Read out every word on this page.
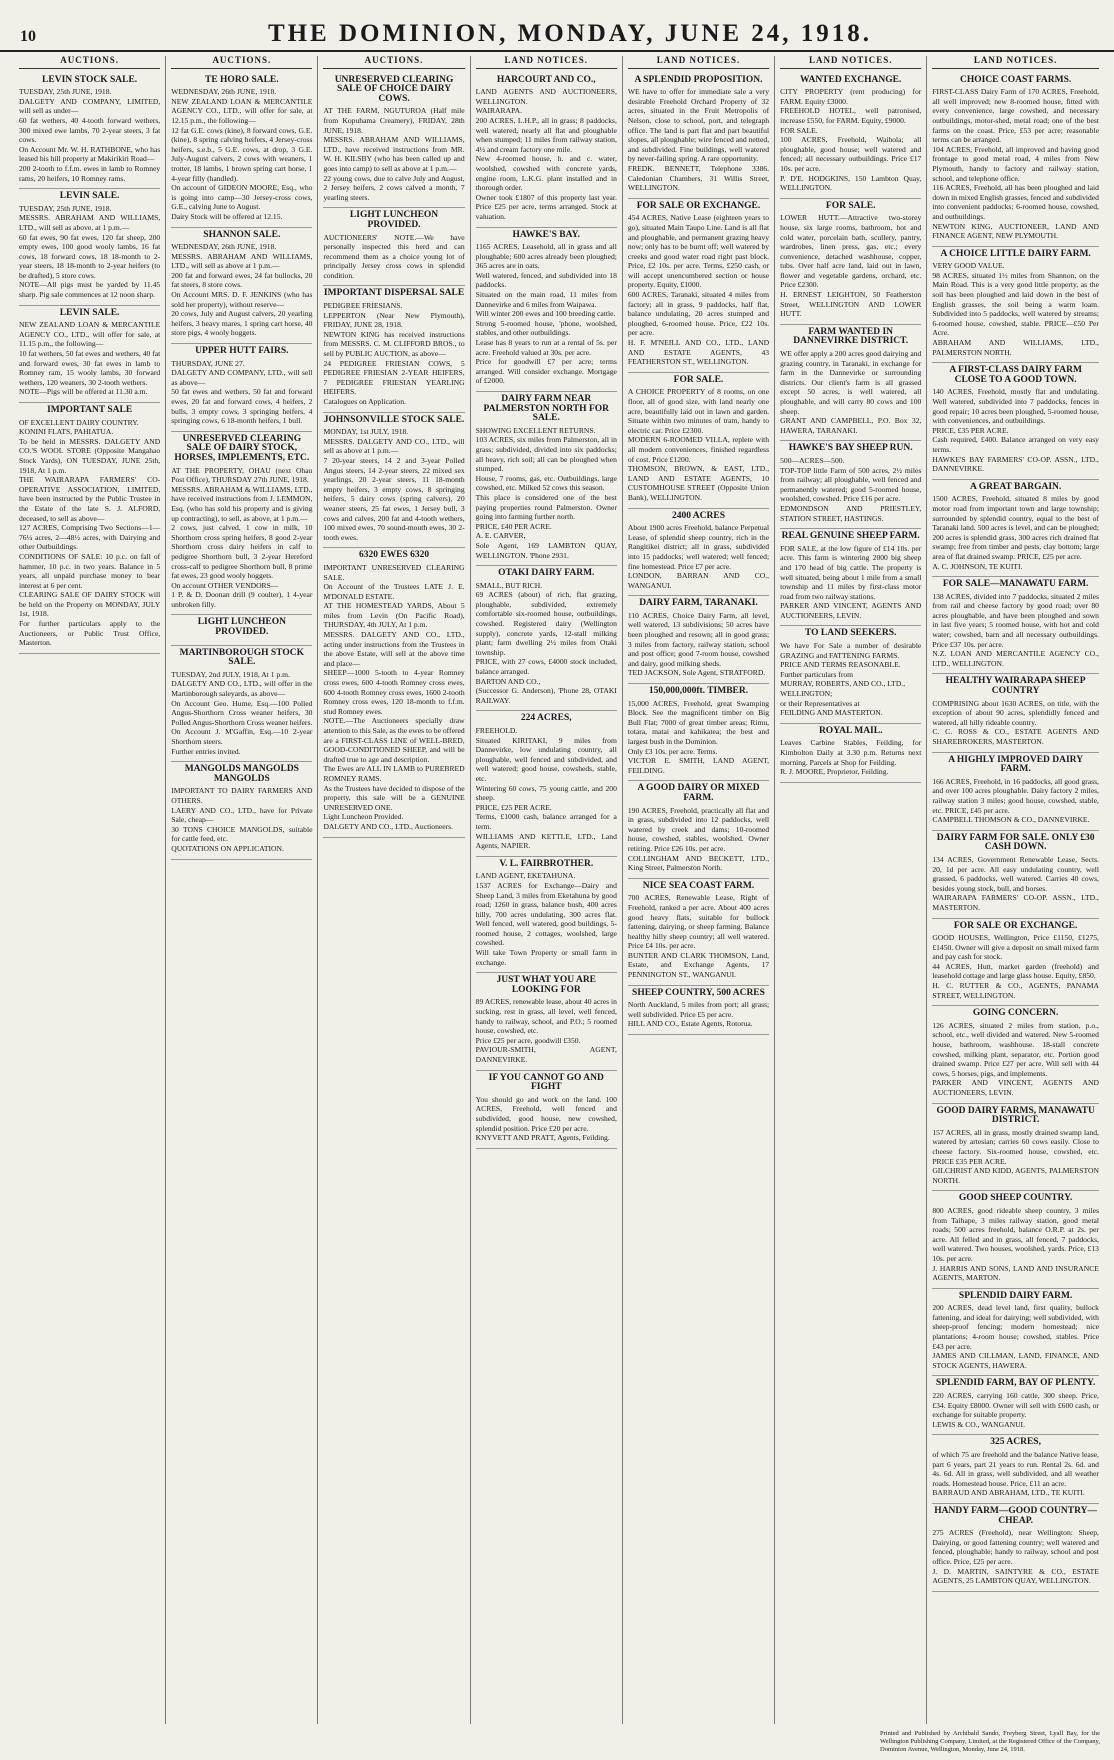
10	THE DOMINION, MONDAY, JUNE 24, 1918.
AUCTIONS.
LEVIN STOCK SALE.

TUESDAY, 25th JUNE, 1918.
DALGETY AND COMPANY, LIMITED, will sell as under—
60 fat wethers, 40 4-tooth forward wethers, 300 mixed ewe lambs, 70 2-year steers, 3 fat cows.
On Account Mr. W. H. RATHBONE, who has leased his hill property at Makirikiri Road—
200 2-tooth to f.f.m. ewes in lamb to Romney rams, 20 heifers, 10 Romney rams.

LEVIN SALE.

TUESDAY, 25th JUNE, 1918.
MESSRS. ABRAHAM AND WILLIAMS, LTD., will sell as above, at 1 p.m.—
60 fat ewes, 90 fat ewes, 120 fat sheep, 200 empty ewes, 100 good wooly lambs, 16 fat cows, 18 forward cows, 18 18-month to 2-year steers, 18 18-month to 2-year heifers (to be drafted), 5 store cows.
NOTE—All pigs must be yarded by 11.45 sharp. Pig sale commences at 12 noon sharp.

LEVIN SALE.

NEW ZEALAND LOAN & MERCANTILE AGENCY CO., LTD., will offer for sale, at 11.15 p.m., the following—
10 fat wethers, 50 fat ewes and wethers, 40 fat and forward ewes, 30 fat ewes in lamb to Romney ram, 15 wooly lambs, 30 forward wethers, 120 weaners, 30 2-tooth wethers.
NOTE—Pigs will be offered at 11.30 a.m.

IMPORTANT SALE

OF EXCELLENT DAIRY COUNTRY.
KONINI FLATS, PAHIATUA.
To be held in MESSRS. DALGETY AND CO.'S WOOL STORE (Opposite Mangahao Stock Yards), ON TUESDAY, JUNE 25th, 1918, At 1 p.m.
THE WAIRARAPA FARMERS' CO-OPERATIVE ASSOCIATION, LIMITED, have been instructed by the Public Trustee in the Estate of the late S. J. ALFORD, deceased, to sell as above—
127 ACRES, Comprising Two Sections—1—76¼ acres, 2—48½ acres, with Dairying and other Outbuildings.
CONDITIONS OF SALE: 10 p.c. on fall of hammer, 10 p.c. in two years. Balance in 5 years, all unpaid purchase money to bear interest at 6 per cent.
CLEARING SALE OF DAIRY STOCK will be held on the Property on MONDAY, JULY 1st, 1918.
For further particulars apply to the Auctioneers, or Public Trust Office, Masterton.

AUCTIONS.
TE HORO SALE.

WEDNESDAY, 26th JUNE, 1918.
NEW ZEALAND LOAN & MERCANTILE AGENCY CO., LTD., will offer for sale, at 12.15 p.m., the following—
12 fat G.E. cows (kine), 8 forward cows, G.E. (kine), 8 spring calving heifers, 4 Jersey-cross heifers, s.e.b., 5 G.E. cows, at drop, 3 G.E. July-August calvers, 2 cows with weaners, 1 trotter, 18 lambs, 1 brown spring cart horse, 1 4-year filly (handled).
On account of GIDEON MOORE, Esq., who is going into camp—30 Jersey-cross cows, G.E., calving June to August.
Dairy Stock will be offered at 12.15.

SHANNON SALE.

WEDNESDAY, 26th JUNE, 1918.
MESSRS. ABRAHAM AND WILLIAMS, LTD., will sell as above at 1 p.m.—
200 fat and forward ewes, 24 fat bullocks, 20 fat steers, 8 store cows.
On Account MRS. D. F. JENKINS (who has sold her property), without reserve—
20 cows, July and August calvers, 20 yearling heifers, 3 heavy mares, 1 spring cart horse, 40 store pigs, 4 wooly hoggets.

UPPER HUTT FAIRS.

THURSDAY, JUNE 27.
DALGETY AND COMPANY, LTD., will sell as above—
50 fat ewes and wethers, 50 fat and forward ewes, 20 fat and forward cows, 4 heifers, 2 bulls, 3 empty cows, 3 springing heifers, 4 springing cows, 6 18-month heifers, 1 bull.

UNRESERVED CLEARING SALE OF DAIRY STOCK, HORSES, IMPLEMENTS, ETC.

AT THE PROPERTY, OHAU (next Ohau Post Office), THURSDAY 27th JUNE, 1918.
MESSRS. ABRAHAM & WILLIAMS, LTD., have received instructions from J. LEMMON, Esq. (who has sold his property and is giving up contracting), to sell, as above, at 1 p.m.—
2 cows, just calved, 1 cow in milk, 10 Shorthorn cross spring heifers, 8 good 2-year Shorthorn cross dairy heifers in calf to pedigree Shorthorn bull, 3 2-year Hereford cross-calf to pedigree Shorthorn bull, 8 prime fat ewes, 23 good wooly hoggets.
On account OTHER VENDORS—
1 P. & D. Doonan drill (9 coulter), 1 4-year unbroken filly.

LIGHT LUNCHEON PROVIDED.

MARTINBOROUGH STOCK SALE.

TUESDAY, 2nd JULY, 1918, At 1 p.m.
DALGETY AND CO., LTD., will offer in the Martinborough saleyards, as above—
On Account Geo. Hume, Esq.—100 Polled Angus-Shorthorn Cross weaner heifers, 30 Polled Angus-Shorthorn Cross weaner heifers.
On Account J. M'Gaffin, Esq.—10 2-year Shorthorn steers.
Further entries invited.

MANGOLDS MANGOLDS MANGOLDS

IMPORTANT TO DAIRY FARMERS AND OTHERS.
LAERY AND CO., LTD., have for Private Sale, cheap—
30 TONS CHOICE MANGOLDS, suitable for cattle feed, etc.
QUOTATIONS ON APPLICATION.

AUCTIONS.
UNRESERVED CLEARING SALE OF CHOICE DAIRY COWS.

AT THE FARM, NGUTUROA (Half mile from Kopuhama Creamery), FRIDAY, 28th JUNE, 1918.
MESSRS. ABRAHAM AND WILLIAMS, LTD., have received instructions from MR. W. H. KILSBY (who has been called up and goes into camp) to sell as above at 1 p.m.—
22 young cows, due to calve July and August, 2 Jersey heifers, 2 cows calved a month, 7 yearling steers.

LIGHT LUNCHEON PROVIDED.

AUCTIONEERS' NOTE.—We have personally inspected this herd and can recommend them as a choice young lot of principally Jersey cross cows in splendid condition.

IMPORTANT DISPERSAL SALE

PEDIGREE FRIESIANS.
LEPPERTON (Near New Plymouth), FRIDAY, JUNE 28, 1918.
NEWTON KING has received instructions from MESSRS. C. M. CLIFFORD BROS., to sell by PUBLIC AUCTION, as above—
24 PEDIGREE FRIESIAN COWS, 5 PEDIGREE FRIESIAN 2-YEAR HEIFERS, 7 PEDIGREE FRIESIAN YEARLING HEIFERS.
Catalogues on Application.

JOHNSONVILLE STOCK SALE.

MONDAY, 1st JULY, 1918.
MESSRS. DALGETY AND CO., LTD., will sell as above at 1 p.m.—
7 20-year steers, 14 2 and 3-year Polled Angus steers, 14 2-year steers, 22 mixed sex yearlings, 20 2-year steers, 11 18-month empty heifers, 3 empty cows, 8 springing heifers, 5 dairy cows (spring calvers), 20 weaner steers, 25 fat ewes, 1 Jersey bull, 3 cows and calves, 200 fat and 4-tooth wethers, 100 mixed ewes, 70 sound-mouth ewes, 30 2-tooth ewes.

6320 EWES 6320

IMPORTANT UNRESERVED CLEARING SALE.
On Account of the Trustees LATE J. E. M'DONALD ESTATE.
AT THE HOMESTEAD YARDS, About 5 miles from Levin (On Pacific Road), THURSDAY, 4th JULY, At 1 p.m.
MESSRS. DALGETY AND CO., LTD., acting under instructions from the Trustees in the above Estate, will sell at the above time and place—
SHEEP—1000 5-tooth to 4-year Romney cross ewes, 600 4-tooth Romney cross ewes, 600 4-tooth Romney cross ewes, 1600 2-tooth Romney cross ewes, 120 18-month to f.f.m. stud Romney ewes.
NOTE.—The Auctioneers specially draw attention to this Sale, as the ewes to be offered are a FIRST-CLASS LINE of WELL-BRED, GOOD-CONDITIONED SHEEP, and will be drafted true to age and description.
The Ewes are ALL IN LAMB to PUREBRED ROMNEY RAMS.
As the Trustees have decided to dispose of the property, this sale will be a GENUINE UNRESERVED ONE.
Light Luncheon Provided.
DALGETY AND CO., LTD., Auctioneers.

LAND NOTICES.
HARCOURT AND CO.,

LAND AGENTS AND AUCTIONEERS, WELLINGTON.
WAIRARAPA.
200 ACRES, L.H.P., all in grass; 8 paddocks, well watered, nearly all flat and ploughable when stumped; 11 miles from railway station, 4½ and cream factory one mile.
New 4-roomed house, h. and c. water, woolshed, cowshed with concrete yards, engine room, L.K.G. plant installed and in thorough order.
Owner took £1807 of this property last year. Price £25 per acre, terms arranged. Stock at valuation.

HAWKE'S BAY.

1165 ACRES, Leasehold, all in grass and all ploughable; 600 acres already been ploughed; 365 acres are in oats.
Well watered, fenced, and subdivided into 18 paddocks.
Situated on the main road, 11 miles from Dannevirke and 6 miles from Waipawa.
Will winter 200 ewes and 100 breeding cattle.
Strong 5-roomed house, 'phone, woolshed, stables, and other outbuildings.
Lease has 8 years to run at a rental of 5s. per acre. Freehold valued at 30s. per acre.
Price for goodwill £7 per acre; terms arranged. Will consider exchange. Mortgage of £2000.

DAIRY FARM NEAR PALMERSTON NORTH FOR SALE.

SHOWING EXCELLENT RETURNS.
103 ACRES, six miles from Palmerston, all in grass; subdivided, divided into six paddocks; all heavy, rich soil; all can be ploughed when stumped.
House, 7 rooms, gas, etc. Outbuildings, large cowshed, etc. Milked 52 cows this season.
This place is considered one of the best paying properties round Palmerston. Owner going into farming further north.
PRICE, £40 PER ACRE.
A. E. CARVER,
Sole Agent, 169 LAMBTON QUAY, WELLINGTON. 'Phone 2931.

OTAKI DAIRY FARM.

SMALL, BUT RICH.
69 ACRES (about) of rich, flat grazing, ploughable, subdivided, extremely comfortable six-roomed house, outbuildings, cowshed. Registered dairy (Wellington supply), concrete yards, 12-stall milking plant; farm dwelling 2½ miles from Otaki township.
PRICE, with 27 cows, £4000 stock included, balance arranged.
BARTON AND CO.,
(Successor G. Anderson), 'Phone 28, OTAKI RAILWAY.

224 ACRES,

FREEHOLD.
Situated KIRITAKI, 9 miles from Dannevirke, low undulating country, all ploughable, well fenced and subdivided, and well watered; good house, cowsheds, stable, etc.
Wintering 60 cows, 75 young cattle, and 200 sheep.
PRICE, £25 PER ACRE.
Terms, £1000 cash, balance arranged for a term.
WILLIAMS AND KETTLE, LTD., Land Agents, NAPIER.

V. L. FAIRBROTHER.

LAND AGENT, EKETAHUNA.
1537 ACRES for Exchange—Dairy and Sheep Land, 3 miles from Eketahuna by good road; 1260 in grass, balance bush, 400 acres hilly, 700 acres undulating, 300 acres flat. Well fenced, well watered, good buildings, 5-roomed house, 2 cottages, woolshed, large cowshed.
Will take Town Property or small farm in exchange.

JUST WHAT YOU ARE LOOKING FOR

89 ACRES, renewable lease, about 40 acres in sucking, rest in grass, all level, well fenced, handy to railway, school, and P.O.; 5 roomed house, cowshed, etc.
Price £25 per acre, goodwill £350.
PAVIOUR-SMITH, AGENT, DANNEVIRKE.

IF YOU CANNOT GO AND FIGHT

You should go and work on the land. 100 ACRES, Freehold, well fenced and subdivided, good house, new cowshed, splendid position. Price £20 per acre.
KNYVETT AND PRATT, Agents, Feilding.

LAND NOTICES.
A SPLENDID PROPOSITION.

WE have to offer for immediate sale a very desirable Freehold Orchard Property of 32 acres, situated in the Fruit Metropolis of Nelson, close to school, port, and telegraph office. The land is part flat and part beautiful slopes, all ploughable; wire fenced and netted, and subdivided. Fine buildings, well watered by never-failing spring. A rare opportunity.
FREDK. BENNETT, Telephone 3386. Caledonian Chambers, 31 Willis Street, WELLINGTON.

FOR SALE OR EXCHANGE.

454 ACRES, Native Lease (eighteen years to go), situated Main Taupo Line. Land is all flat and ploughable, and permanent grazing heavy now; only has to be burnt off; well watered by creeks and good water road right past block. Price, £2 10s. per acre. Terms, £250 cash, or will accept unencumbered section or house property. Equity, £1000.
600 ACRES, Taranaki, situated 4 miles from factory; all in grass, 9 paddocks, half flat, balance undulating, 20 acres stumped and ploughed, 6-roomed house. Price, £22 10s. per acre.
H. F. M'NEILL AND CO., LTD., LAND AND ESTATE AGENTS, 43 FEATHERSTON ST., WELLINGTON.

FOR SALE.

A CHOICE PROPERTY of 8 rooms, on one floor, all of good size, with land nearly one acre, beautifully laid out in lawn and garden. Situate within two minutes of tram, handy to electric car. Price £2300.
MODERN 6-ROOMED VILLA, replete with all modern conveniences, finished regardless of cost. Price £1200.
THOMSON, BROWN, & EAST, LTD., LAND AND ESTATE AGENTS, 10 CUSTOMHOUSE STREET (Opposite Union Bank), WELLINGTON.

2400 ACRES

About 1900 acres Freehold, balance Perpetual Lease, of splendid sheep country, rich in the Rangitikei district; all in grass, subdivided into 15 paddocks; well watered; well fenced; fine homestead. Price £7 per acre.
LONDON, BARRAN AND CO., WANGANUI.

DAIRY FARM, TARANAKI.

110 ACRES, Choice Dairy Farm, all level, well watered, 13 subdivisions; 50 acres have been ploughed and resown; all in good grass; 3 miles from factory, railway station, school and post office; good 7-room house, cowshed and dairy, good milking sheds.
TED JACKSON, Sole Agent, STRATFORD.

150,000,000ft. TIMBER.

15,000 ACRES, Freehold, great Swamping Block. See the magnificent timber on Big Bull Flat; 7000 of great timber areas; Rimu, totara, matai and kahikatea; the best and largest bush in the Dominion.
Only £3 10s. per acre. Terms.
VICTOR E. SMITH, LAND AGENT, FEILDING.

A GOOD DAIRY OR MIXED FARM.

190 ACRES, Freehold, practically all flat and in grass, subdivided into 12 paddocks, well watered by creek and dams; 10-roomed house, cowshed, stables, woolshed. Owner retiring. Price £26 10s. per acre.
COLLINGHAM AND BECKETT, LTD., King Street, Palmerston North.

NICE SEA COAST FARM.

700 ACRES, Renewable Lease, Right of Freehold, ranked a per acre. About 400 acres good heavy flats, suitable for bullock fattening, dairying, or sheep farming. Balance healthy hilly sheep country; all well watered. Price £4 10s. per acre.
BUNTER AND CLARK THOMSON, Land, Estate, and Exchange Agents, 17 PENNINGTON ST., WANGANUI.

SHEEP COUNTRY, 500 ACRES

North Auckland, 5 miles from port; all grass; well subdivided. Price £5 per acre.
HILL AND CO., Estate Agents, Rotorua.

LAND NOTICES.
WANTED EXCHANGE.

CITY PROPERTY (rent producing) for FARM. Equity £3000.
FREEHOLD HOTEL, well patronised, increase £550, for FARM. Equity, £9000.
FOR SALE.
100 ACRES, Freehold, Waihola; all ploughable, good house; well watered and fenced; all necessary outbuildings. Price £17 10s. per acre.
P. D'E. HODGKINS, 150 Lambton Quay, WELLINGTON.

FOR SALE.

LOWER HUTT.—Attractive two-storey house, six large rooms, bathroom, hot and cold water, porcelain bath, scullery, pantry, wardrobes, linen press, gas, etc.; every convenience, detached washhouse, copper, tubs. Over half acre land, laid out in lawn, flower and vegetable gardens, orchard, etc. Price £2300.
H. ERNEST LEIGHTON, 50 Featherston Street, WELLINGTON AND LOWER HUTT.

FARM WANTED IN DANNEVIRKE DISTRICT.

WE offer apply a 200 acres good dairying and grazing country, in Taranaki, in exchange for farm in the Dannevirke or surrounding districts. Our client's farm is all grassed except 50 acres, is well watered, all ploughable, and will carry 80 cows and 100 sheep.
GRANT AND CAMPBELL, P.O. Box 32, HAWERA, TARANAKI.

HAWKE'S BAY SHEEP RUN.

500—ACRES—500.
TOP-TOP little Farm of 500 acres, 2½ miles from railway; all ploughable, well fenced and permanently watered; good 5-roomed house, woolshed, cowshed. Price £16 per acre.
EDMONDSON AND PRIESTLEY, STATION STREET, HASTINGS.

REAL GENUINE SHEEP FARM.

FOR SALE, at the low figure of £14 10s. per acre. This farm is wintering 2000 big sheep and 170 head of big cattle. The property is well situated, being about 1 mile from a small township and 11 miles by first-class motor road from two railway stations.
PARKER AND VINCENT, AGENTS AND AUCTIONEERS, LEVIN.

TO LAND SEEKERS.

We have For Sale a number of desirable GRAZING and FATTENING FARMS.
PRICE AND TERMS REASONABLE.
Further particulars from
MURRAY, ROBERTS, AND CO., LTD.,
WELLINGTON;
or their Representatives at
FEILDING AND MASTERTON.

ROYAL MAIL.

Leaves Carbine Stables, Feilding, for Kimbolton Daily at 3.30 p.m. Returns next morning. Parcels at Shop for Feilding.
R. J. MOORE, Proprietor, Feilding.

LAND NOTICES.
CHOICE COAST FARMS.

FIRST-CLASS Dairy Farm of 170 ACRES, Freehold, all well improved; new 8-roomed house, fitted with every convenience, large cowshed, and necessary outbuildings, motor-shed, metal road; one of the best farms on the coast. Price, £53 per acre; reasonable terms can be arranged.
104 ACRES, Freehold, all improved and having good frontage to good metal road, 4 miles from New Plymouth, handy to factory and railway station, school, and telephone office.
116 ACRES, Freehold, all has been ploughed and laid down in mixed English grasses, fenced and subdivided into convenient paddocks; 6-roomed house, cowshed, and outbuildings.
NEWTON KING, AUCTIONEER, LAND AND FINANCE AGENT, NEW PLYMOUTH.

A CHOICE LITTLE DAIRY FARM.

VERY GOOD VALUE.
98 ACRES, situated 1½ miles from Shannon, on the Main Road. This is a very good little property, as the soil has been ploughed and laid down in the best of English grasses, the soil being a warm loam. Subdivided into 5 paddocks, well watered by streams; 6-roomed house, cowshed, stable. PRICE—£50 Per Acre.
ABRAHAM AND WILLIAMS, LTD., PALMERSTON NORTH.

A FIRST-CLASS DAIRY FARM CLOSE TO A GOOD TOWN.

140 ACRES, Freehold, mostly flat and undulating. Well watered, subdivided into 7 paddocks, fences in good repair; 10 acres been ploughed, 5-roomed house, with conveniences, and outbuildings.
PRICE, £35 PER ACRE.
Cash required, £400. Balance arranged on very easy terms.
HAWKE'S BAY FARMERS' CO-OP. ASSN., LTD., DANNEVIRKE.

A GREAT BARGAIN.

1500 ACRES, Freehold, situated 8 miles by good motor road from important town and large township; surrounded by splendid country, equal to the best of Taranaki land. 500 acres is level, and can be ploughed; 200 acres is splendid grass, 300 acres rich drained flat swamp; free from timber and pests, clay bottom; large area of flat drained swamp. PRICE, £25 per acre.
A. C. JOHNSON, TE KUITI.

FOR SALE—MANAWATU FARM.

138 ACRES, divided into 7 paddocks, situated 2 miles from rail and cheese factory by good road; over 80 acres ploughable, and have been ploughed and sown in last five years; 5 roomed house, with hot and cold water; cowshed, barn and all necessary outbuildings. Price £37 10s. per acre.
N.Z. LOAN AND MERCANTILE AGENCY CO., LTD., WELLINGTON.

HEALTHY WAIRARAPA SHEEP COUNTRY

COMPRISING about 1630 ACRES, on title, with the exception of about 90 acres, splendidly fenced and watered, all hilly rideable country.
C. C. ROSS & CO., ESTATE AGENTS AND SHAREBROKERS, MASTERTON.

A HIGHLY IMPROVED DAIRY FARM.

166 ACRES, Freehold, in 16 paddocks, all good grass, and over 100 acres ploughable. Dairy factory 2 miles, railway station 3 miles; good house, cowshed, stable, etc. PRICE, £45 per acre.
CAMPBELL THOMSON & CO., DANNEVIRKE.

DAIRY FARM FOR SALE. ONLY £30 CASH DOWN.

134 ACRES, Government Renewable Lease, Sects. 20, 1d per acre. All easy undulating country, well grassed, 6 paddocks, well watered. Carries 40 cows, besides young stock, bull, and horses.
WAIRARAPA FARMERS' CO-OP. ASSN., LTD., MASTERTON.

FOR SALE OR EXCHANGE.

GOOD HOUSES, Wellington, Price £1150, £1275, £1450. Owner will give a deposit on small mixed farm and pay cash for stock.
44 ACRES, Hutt, market garden (freehold) and leasehold cottage and large glass house. Equity, £850.
H. C. RUTTER & CO., AGENTS, PANAMA STREET, WELLINGTON.

GOING CONCERN.

126 ACRES, situated 2 miles from station, p.o., school, etc., well divided and watered. New 5-roomed house, bathroom, washhouse. 18-stall concrete cowshed, milking plant, separator, etc. Portion good drained swamp. Price £27 per acre. Will sell with 44 cows, 5 horses, pigs, and implements.
PARKER AND VINCENT, AGENTS AND AUCTIONEERS, LEVIN.

GOOD DAIRY FARMS, MANAWATU DISTRICT.

157 ACRES, all in grass, mostly drained swamp land, watered by artesian; carries 60 cows easily. Close to cheese factory. Six-roomed house, cowshed, etc. PRICE £35 PER ACRE.
GILCHRIST AND KIDD, AGENTS, PALMERSTON NORTH.

GOOD SHEEP COUNTRY.

800 ACRES, good rideable sheep country, 3 miles from Taihape, 3 miles railway station, good metal roads; 500 acres freehold, balance O.R.P. at 2s. per acre. All felled and in grass, all fenced, 7 paddocks, well watered. Two houses, woolshed, yards. Price, £13 10s. per acre.
J. HARRIS AND SONS, LAND AND INSURANCE AGENTS, MARTON.

SPLENDID DAIRY FARM.

200 ACRES, dead level land, first quality, bullock fattening, and ideal for dairying; well subdivided, with sheep-proof fencing; modern homestead; nice plantations; 4-room house; cowshed, stables. Price £43 per acre.
JAMES AND CILLMAN, LAND, FINANCE, AND STOCK AGENTS, HAWERA.

SPLENDID FARM, BAY OF PLENTY.

220 ACRES, carrying 160 cattle, 300 sheep. Price, £34. Equity £8000. Owner will sell with £600 cash, or exchange for suitable property.
LEWIS & CO., WANGANUI.

325 ACRES,

of which 75 are freehold and the balance Native lease, part 6 years, part 21 years to run. Rental 2s. 6d. and 4s. 6d. All in grass, well subdivided, and all weather roads. Homestead house. Price, £11 an acre.
BARRAUD AND ABRAHAM, LTD., TE KUITI.

HANDY FARM—GOOD COUNTRY—CHEAP.

275 ACRES (Freehold), near Wellington: Sheep, Dairying, or good fattening country; well watered and fenced, ploughable; handy to railway, school and post office. Price, £25 per acre.
J. D. MARTIN, SAINTYRE & CO., ESTATE AGENTS, 25 LAMBTON QUAY, WELLINGTON.

Printed and Published by Archibald Sando, Freyberg Street, Lyall Bay, for the Wellington Publishing Company, Limited, at the Registered Office of the Company, Dominion Avenue, Wellington, Monday, June 24, 1918.
